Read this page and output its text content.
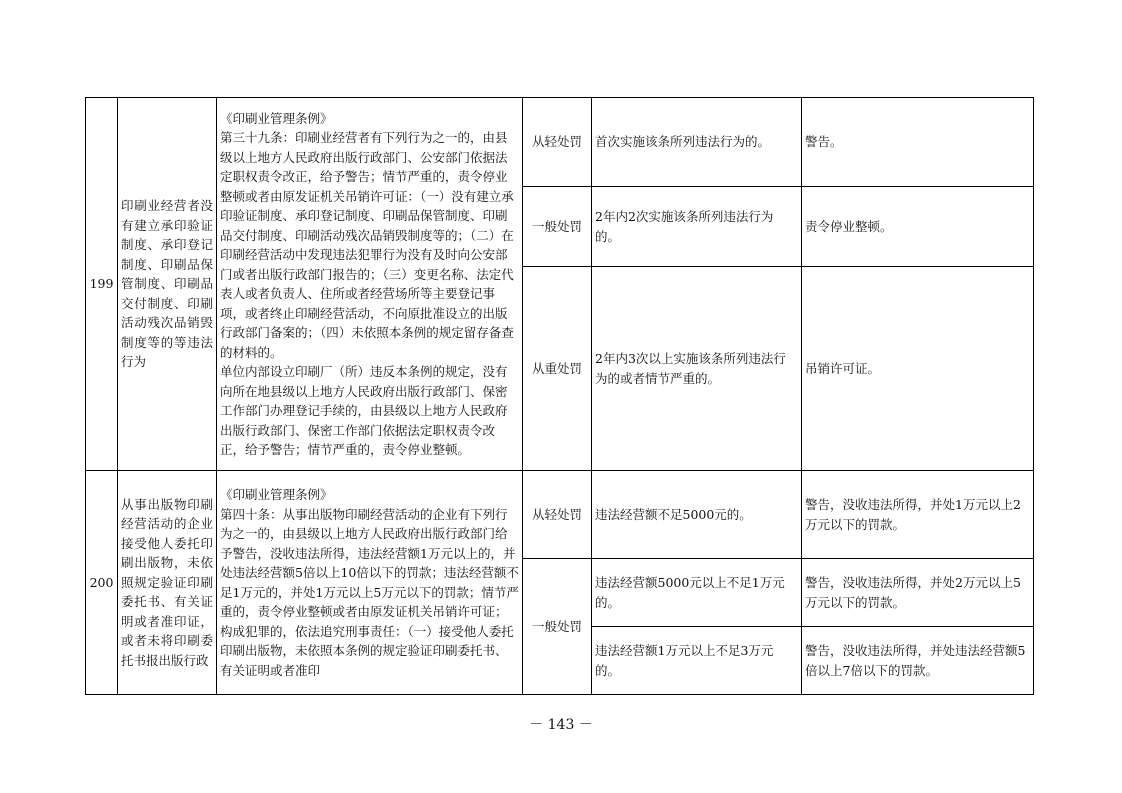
199	印刷业经营者没有建立承印验证制度、承印登记制度、印刷品保管制度、印刷品交付制度、印刷活动残次品销毁制度等的等违法行为	《印刷业管理条例》

第三十九条：印刷业经营者有下列行为之一的，由县级以上地方人民政府出版行政部门、公安部门依据法定职权责令改正，给予警告；情节严重的，责令停业整顿或者由原发证机关吊销许可证：（一）没有建立承印验证制度、承印登记制度、印刷品保管制度、印刷品交付制度、印刷活动残次品销毁制度等的；（二）在印刷经营活动中发现违法犯罪行为没有及时向公安部门或者出版行政部门报告的；（三）变更名称、法定代表人或者负责人、住所或者经营场所等主要登记事项，或者终止印刷经营活动，不向原批准设立的出版行政部门备案的；（四）未依照本条例的规定留存备查的材料的。

单位内部设立印刷厂（所）违反本条例的规定，没有向所在地县级以上地方人民政府出版行政部门、保密工作部门办理登记手续的，由县级以上地方人民政府出版行政部门、保密工作部门依据法定职权责令改正，给予警告；情节严重的，责令停业整顿。	从轻处罚	首次实施该条所列违法行为的。	警告。
			一般处罚	2年内2次实施该条所列违法行为的。	责令停业整顿。
			从重处罚	2年内3次以上实施该条所列违法行为的或者情节严重的。	吊销许可证。
200	从事出版物印刷经营活动的企业接受他人委托印刷出版物，未依照规定验证印刷委托书、有关证明或者准印证，或者未将印刷委托书报出版行政	《印刷业管理条例》

第四十条：从事出版物印刷经营活动的企业有下列行为之一的，由县级以上地方人民政府出版行政部门给予警告，没收违法所得，违法经营额1万元以上的，并处违法经营额5倍以上10倍以下的罚款；违法经营额不足1万元的，并处1万元以上5万元以下的罚款；情节严重的，责令停业整顿或者由原发证机关吊销许可证；构成犯罪的，依法追究刑事责任：（一）接受他人委托印刷出版物，未依照本条例的规定验证印刷委托书、有关证明或者准印	从轻处罚	违法经营额不足5000元的。	警告，没收违法所得，并处1万元以上2万元以下的罚款。
			一般处罚	违法经营额5000元以上不足1万元的。	警告，没收违法所得，并处2万元以上5万元以下的罚款。
				违法经营额1万元以上不足3万元的。	警告，没收违法所得，并处违法经营额5倍以上7倍以下的罚款。
－ 143 －
